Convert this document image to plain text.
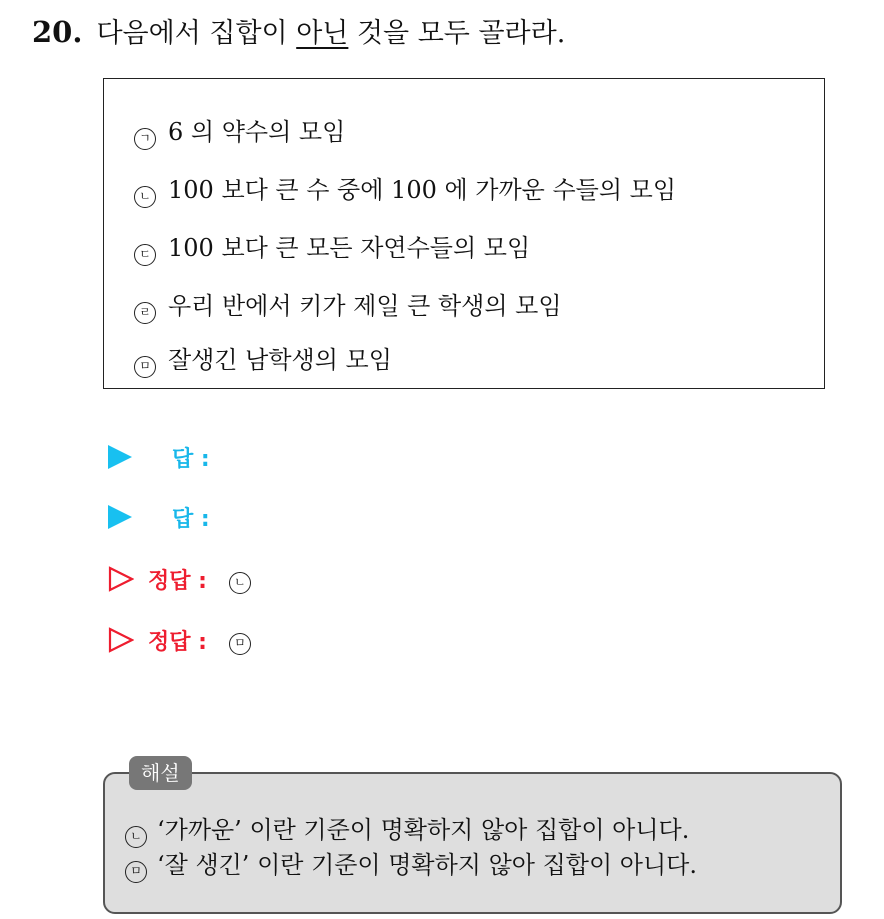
20. 다음에서 집합이 아닌 것을 모두 골라라.
ㄱ 6 의 약수의 모임
ㄴ 100 보다 큰 수 중에 100 에 가까운 수들의 모임
ㄷ 100 보다 큰 모든 자연수들의 모임
ㄹ 우리 반에서 키가 제일 큰 학생의 모임
ㅁ 잘생긴 남학생의 모임
답 :
답 :
정답 :	ㄴ
정답 :	ㅁ
ㄴ ‘가까운’ 이란 기준이 명확하지 않아 집합이 아니다.
ㅁ ‘잘 생긴’ 이란 기준이 명확하지 않아 집합이 아니다.
해설
